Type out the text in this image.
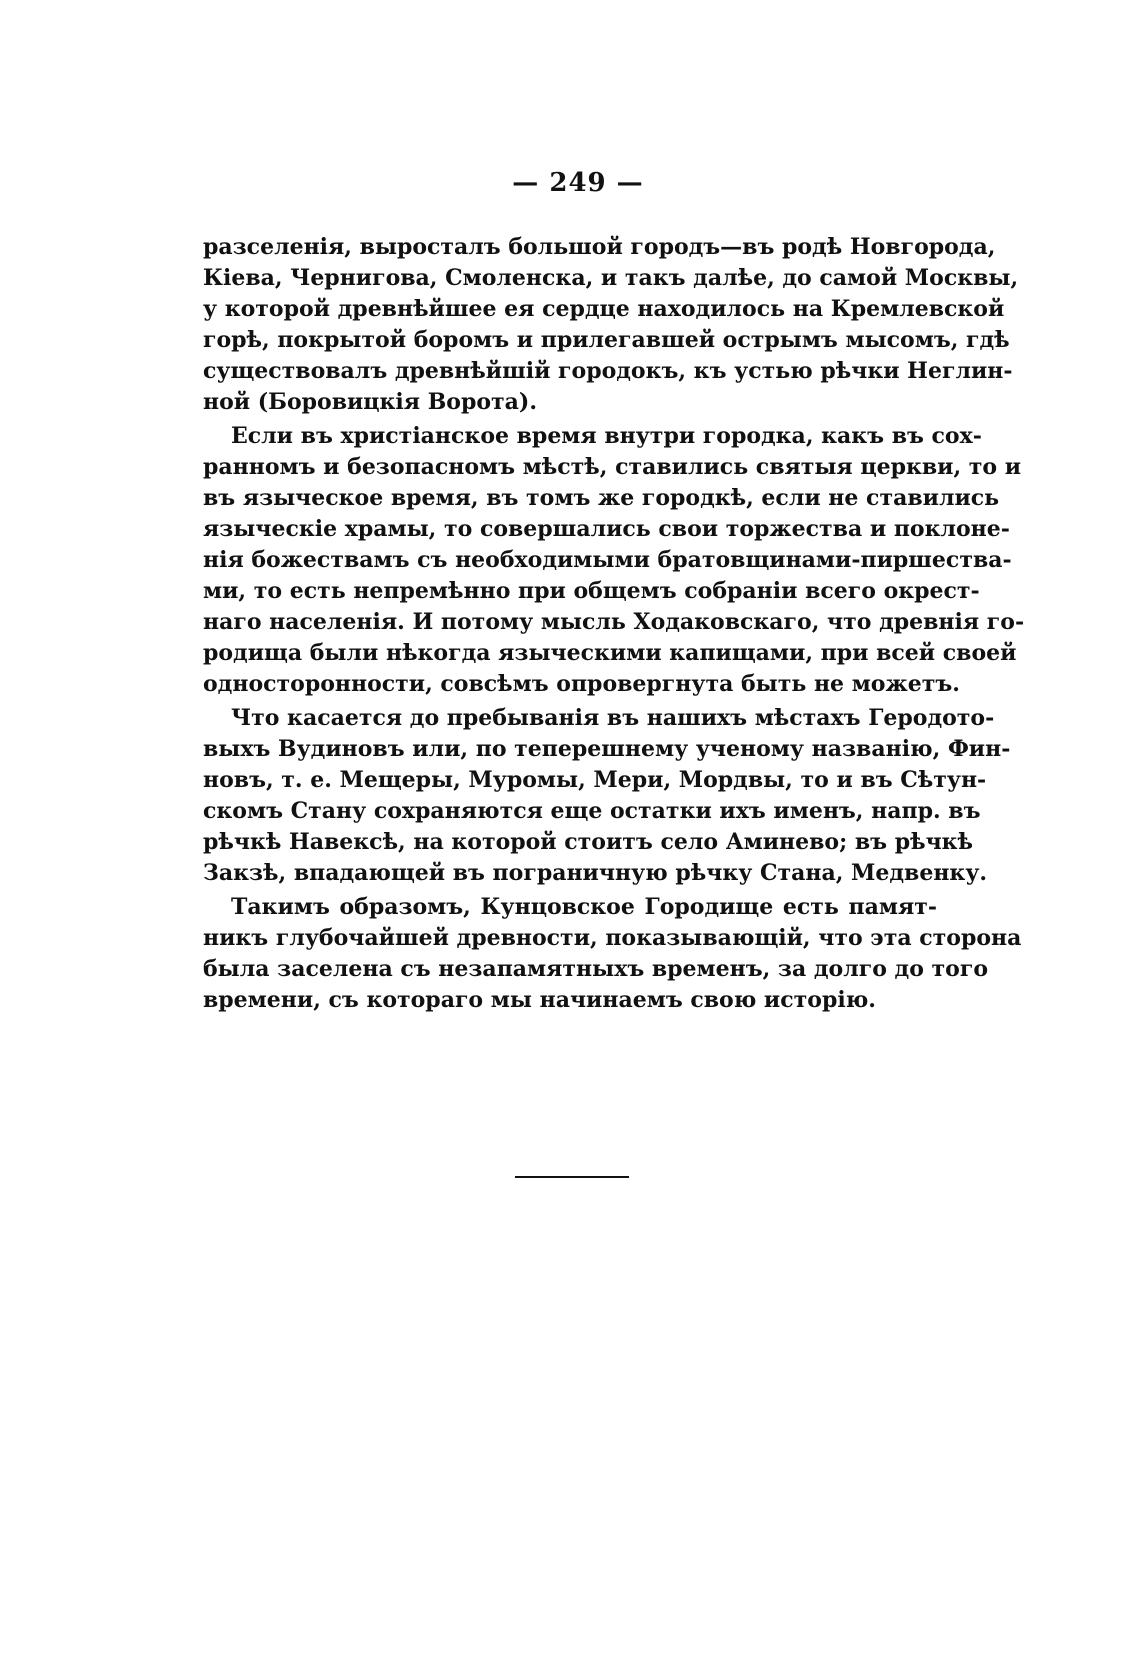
— 249 —
разселенія, выросталъ большой городъ—въ родѣ Новгорода,
Кіева, Чернигова, Смоленска, и такъ далѣе, до самой Москвы,
у которой древнѣйшее ея сердце находилось на Кремлевской
горѣ, покрытой боромъ и прилегавшей острымъ мысомъ, гдѣ
существовалъ древнѣйшій городокъ, къ устью рѣчки Неглин-
ной (Боровицкія Ворота).
Если въ христіанское время внутри городка, какъ въ сох-
ранномъ и безопасномъ мѣстѣ, ставились святыя церкви, то и
въ языческое время, въ томъ же городкѣ, если не ставились
языческіе храмы, то совершались свои торжества и поклоне-
нія божествамъ съ необходимыми братовщинами-пиршества-
ми, то есть непремѣнно при общемъ собраніи всего окрест-
наго населенія. И потому мысль Ходаковскаго, что древнія го-
родища были нѣкогда языческими капищами, при всей своей
односторонности, совсѣмъ опровергнута быть не можетъ.
Что касается до пребыванія въ нашихъ мѣстахъ Геродото-
выхъ Вудиновъ или, по теперешнему ученому названію, Фин-
новъ, т. е. Мещеры, Муромы, Мери, Мордвы, то и въ Сѣтун-
скомъ Стану сохраняются еще остатки ихъ именъ, напр. въ
рѣчкѣ Навексѣ, на которой стоитъ село Аминево; въ рѣчкѣ
Закзѣ, впадающей въ пограничную рѣчку Стана, Медвенку.
Такимъ образомъ, Кунцовское Городище есть памят-
никъ глубочайшей древности, показывающій, что эта сторона
была заселена съ незапамятныхъ временъ, за долго до того
времени, съ котораго мы начинаемъ свою исторію.
